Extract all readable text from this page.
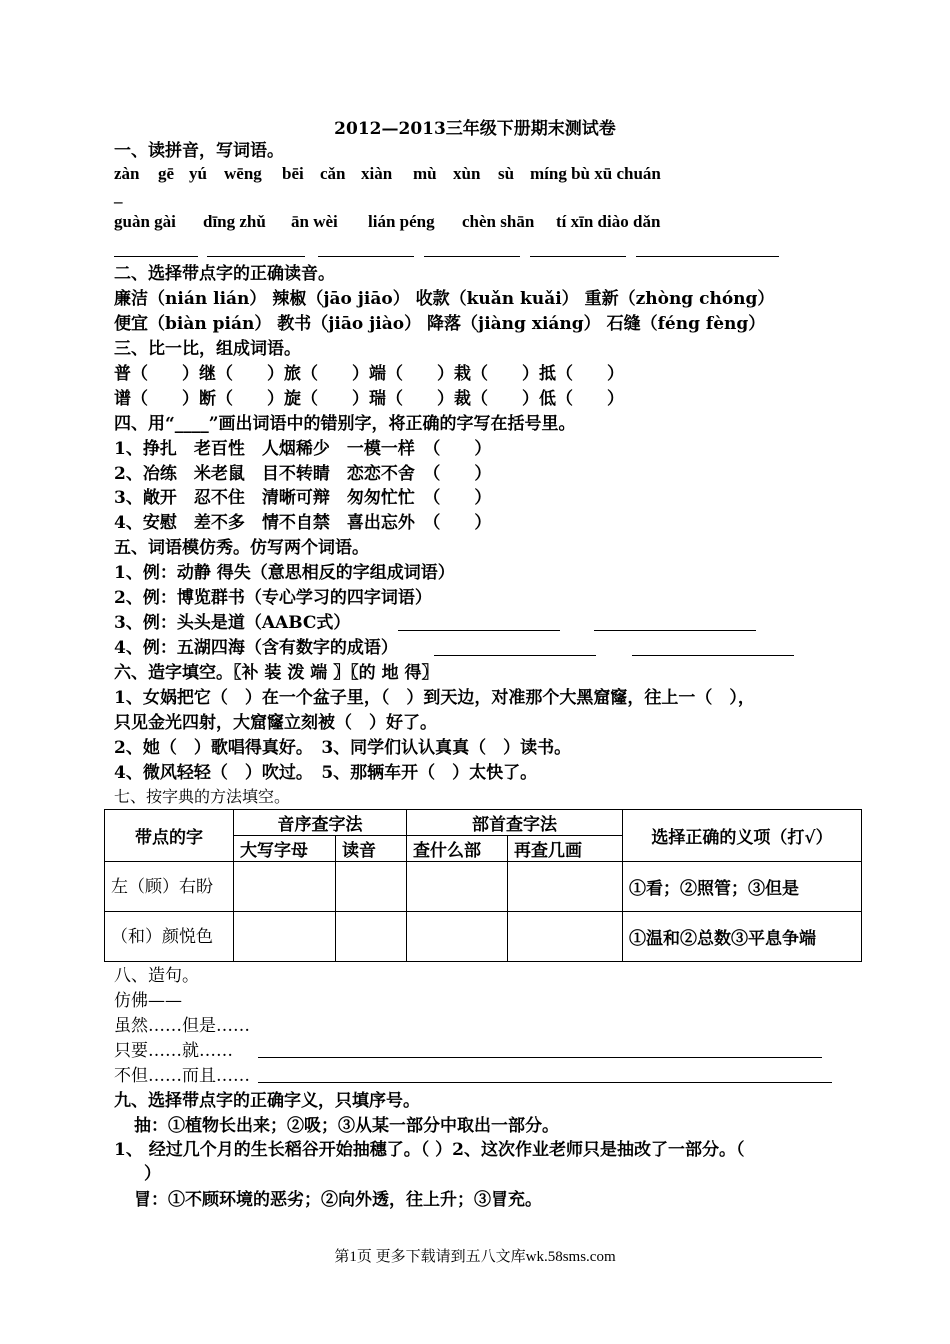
2012—2013三年级下册期末测试卷
一、读拼音，写词语。
zàn gē yú wēng bēi cǎn xiàn mù xùn sù míng bù xū chuán
_
guàn gài dīng zhǔ ān wèi lián péng chèn shān tí xīn diào dǎn
二、选择带点字的正确读音。
廉洁（nián lián） 辣椒（jāo jiāo） 收款（kuǎn kuǎi） 重新（zhòng chóng）
便宜（biàn pián） 教书（jiāo jiào） 降落（jiàng xiáng） 石缝（féng fèng）
三、比一比，组成词语。
普（　　）继（　　）旅（　　）端（　　）栽（　　）抵（　　）
谱（　　）断（　　）旋（　　）瑞（　　）裁（　　）低（　　）
四、用“____”画出词语中的错别字，将正确的字写在括号里。
1、挣扎　老百性　人烟稀少　一模一样　（　　）
2、冶练　米老鼠　目不转睛　恋恋不舍　（　　）
3、敞开　忍不住　清晰可辩　匆匆忙忙　（　　）
4、安慰　差不多　情不自禁　喜出忘外　（　　）
五、词语模仿秀。仿写两个词语。
1、例：动静 得失（意思相反的字组成词语）
2、例：博览群书（专心学习的四字词语）
3、例：头头是道（AABC式）
4、例：五湖四海（含有数字的成语）
六、造字填空。〖补 装 泼 端 〗〖的 地 得〗
1、女娲把它（　）在一个盆子里，（　）到天边，对准那个大黑窟窿，往上一（　），
只见金光四射，大窟窿立刻被（　）好了。
2、她（　）歌唱得真好。　3、同学们认认真真（　）读书。
4、微风轻轻（　）吹过。　5、那辆车开（　）太快了。
七、按字典的方法填空。
带点的字	音序查字法		部首查字法		选择正确的义项（打√）
	大写字母	读音	查什么部	再查几画	
左（顾）右盼					①看；②照管；③但是
（和）颜悦色					①温和②总数③平息争端
八、造句。
仿佛——
虽然……但是……
只要……就……
不但……而且……
九、选择带点字的正确字义，只填序号。
抽：①植物长出来；②吸；③从某一部分中取出一部分。
1、 经过几个月的生长稻谷开始抽穗了。（ ）2、这次作业老师只是抽改了一部分。（
）
冒：①不顾环境的恶劣；②向外透，往上升；③冒充。
第1页 更多下载请到五八文库wk.58sms.com
